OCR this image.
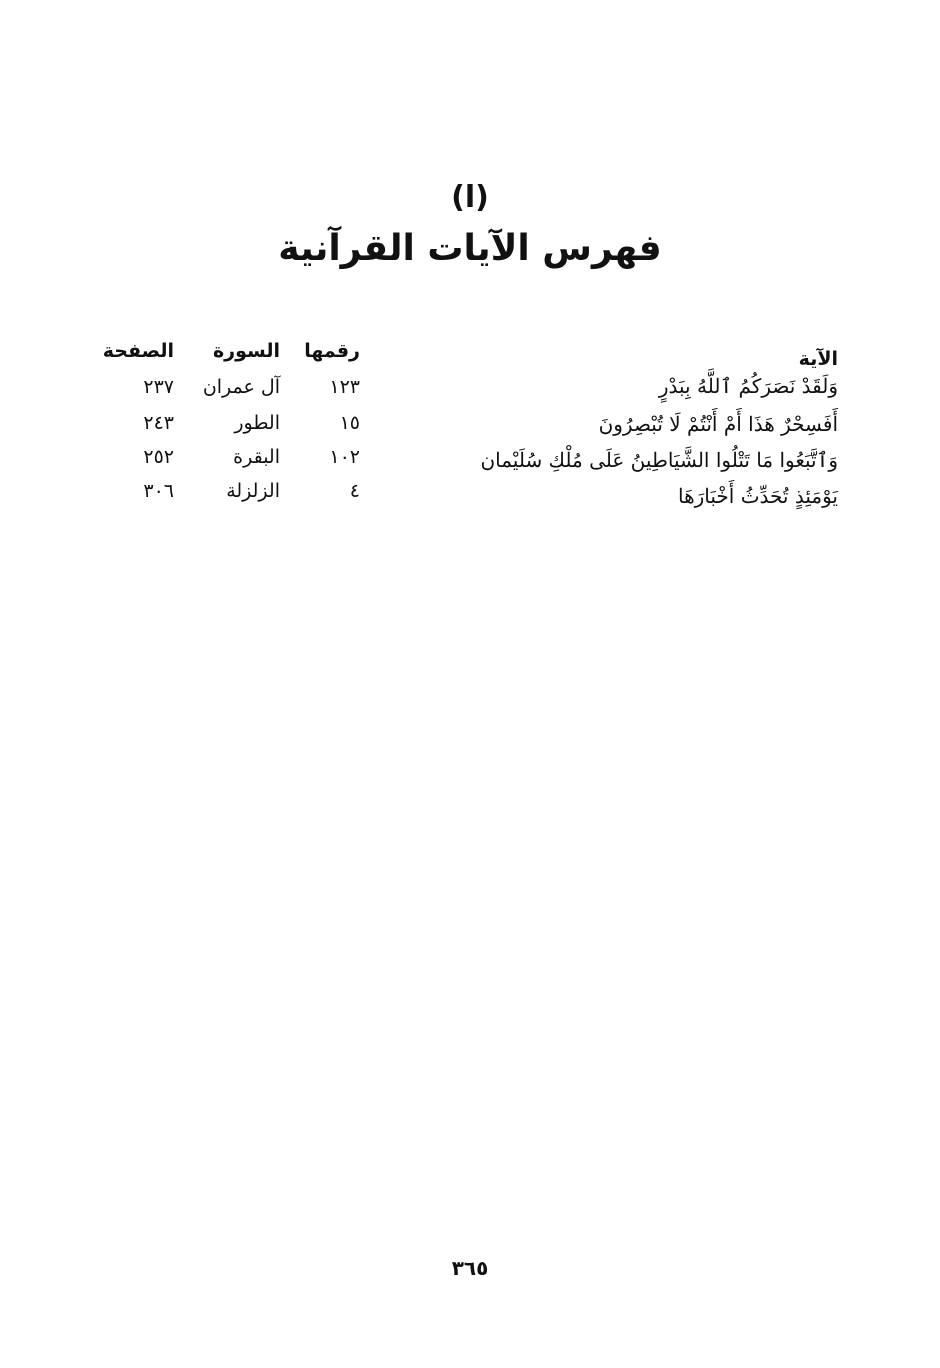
(ا)
فهرس الآيات القرآنية
الآية
رقمها
السورة
الصفحة
وَلَقَدْ نَصَرَكُمُ ٱللَّهُ بِبَدْرٍ
١٢٣
آل عمران
٢٣٧
أَفَسِحْرٌ هَذَا أَمْ أَنْتُمْ لَا تُبْصِرُونَ
١٥
الطور
٢٤٣
وَٱتَّبَعُوا مَا تَتْلُوا الشَّيَاطِينُ عَلَى مُلْكِ سُلَيْمان
١٠٢
البقرة
٢٥٢
يَوْمَئِذٍ تُحَدِّثُ أَخْبَارَهَا
٤
الزلزلة
٣٠٦
٣٦٥
